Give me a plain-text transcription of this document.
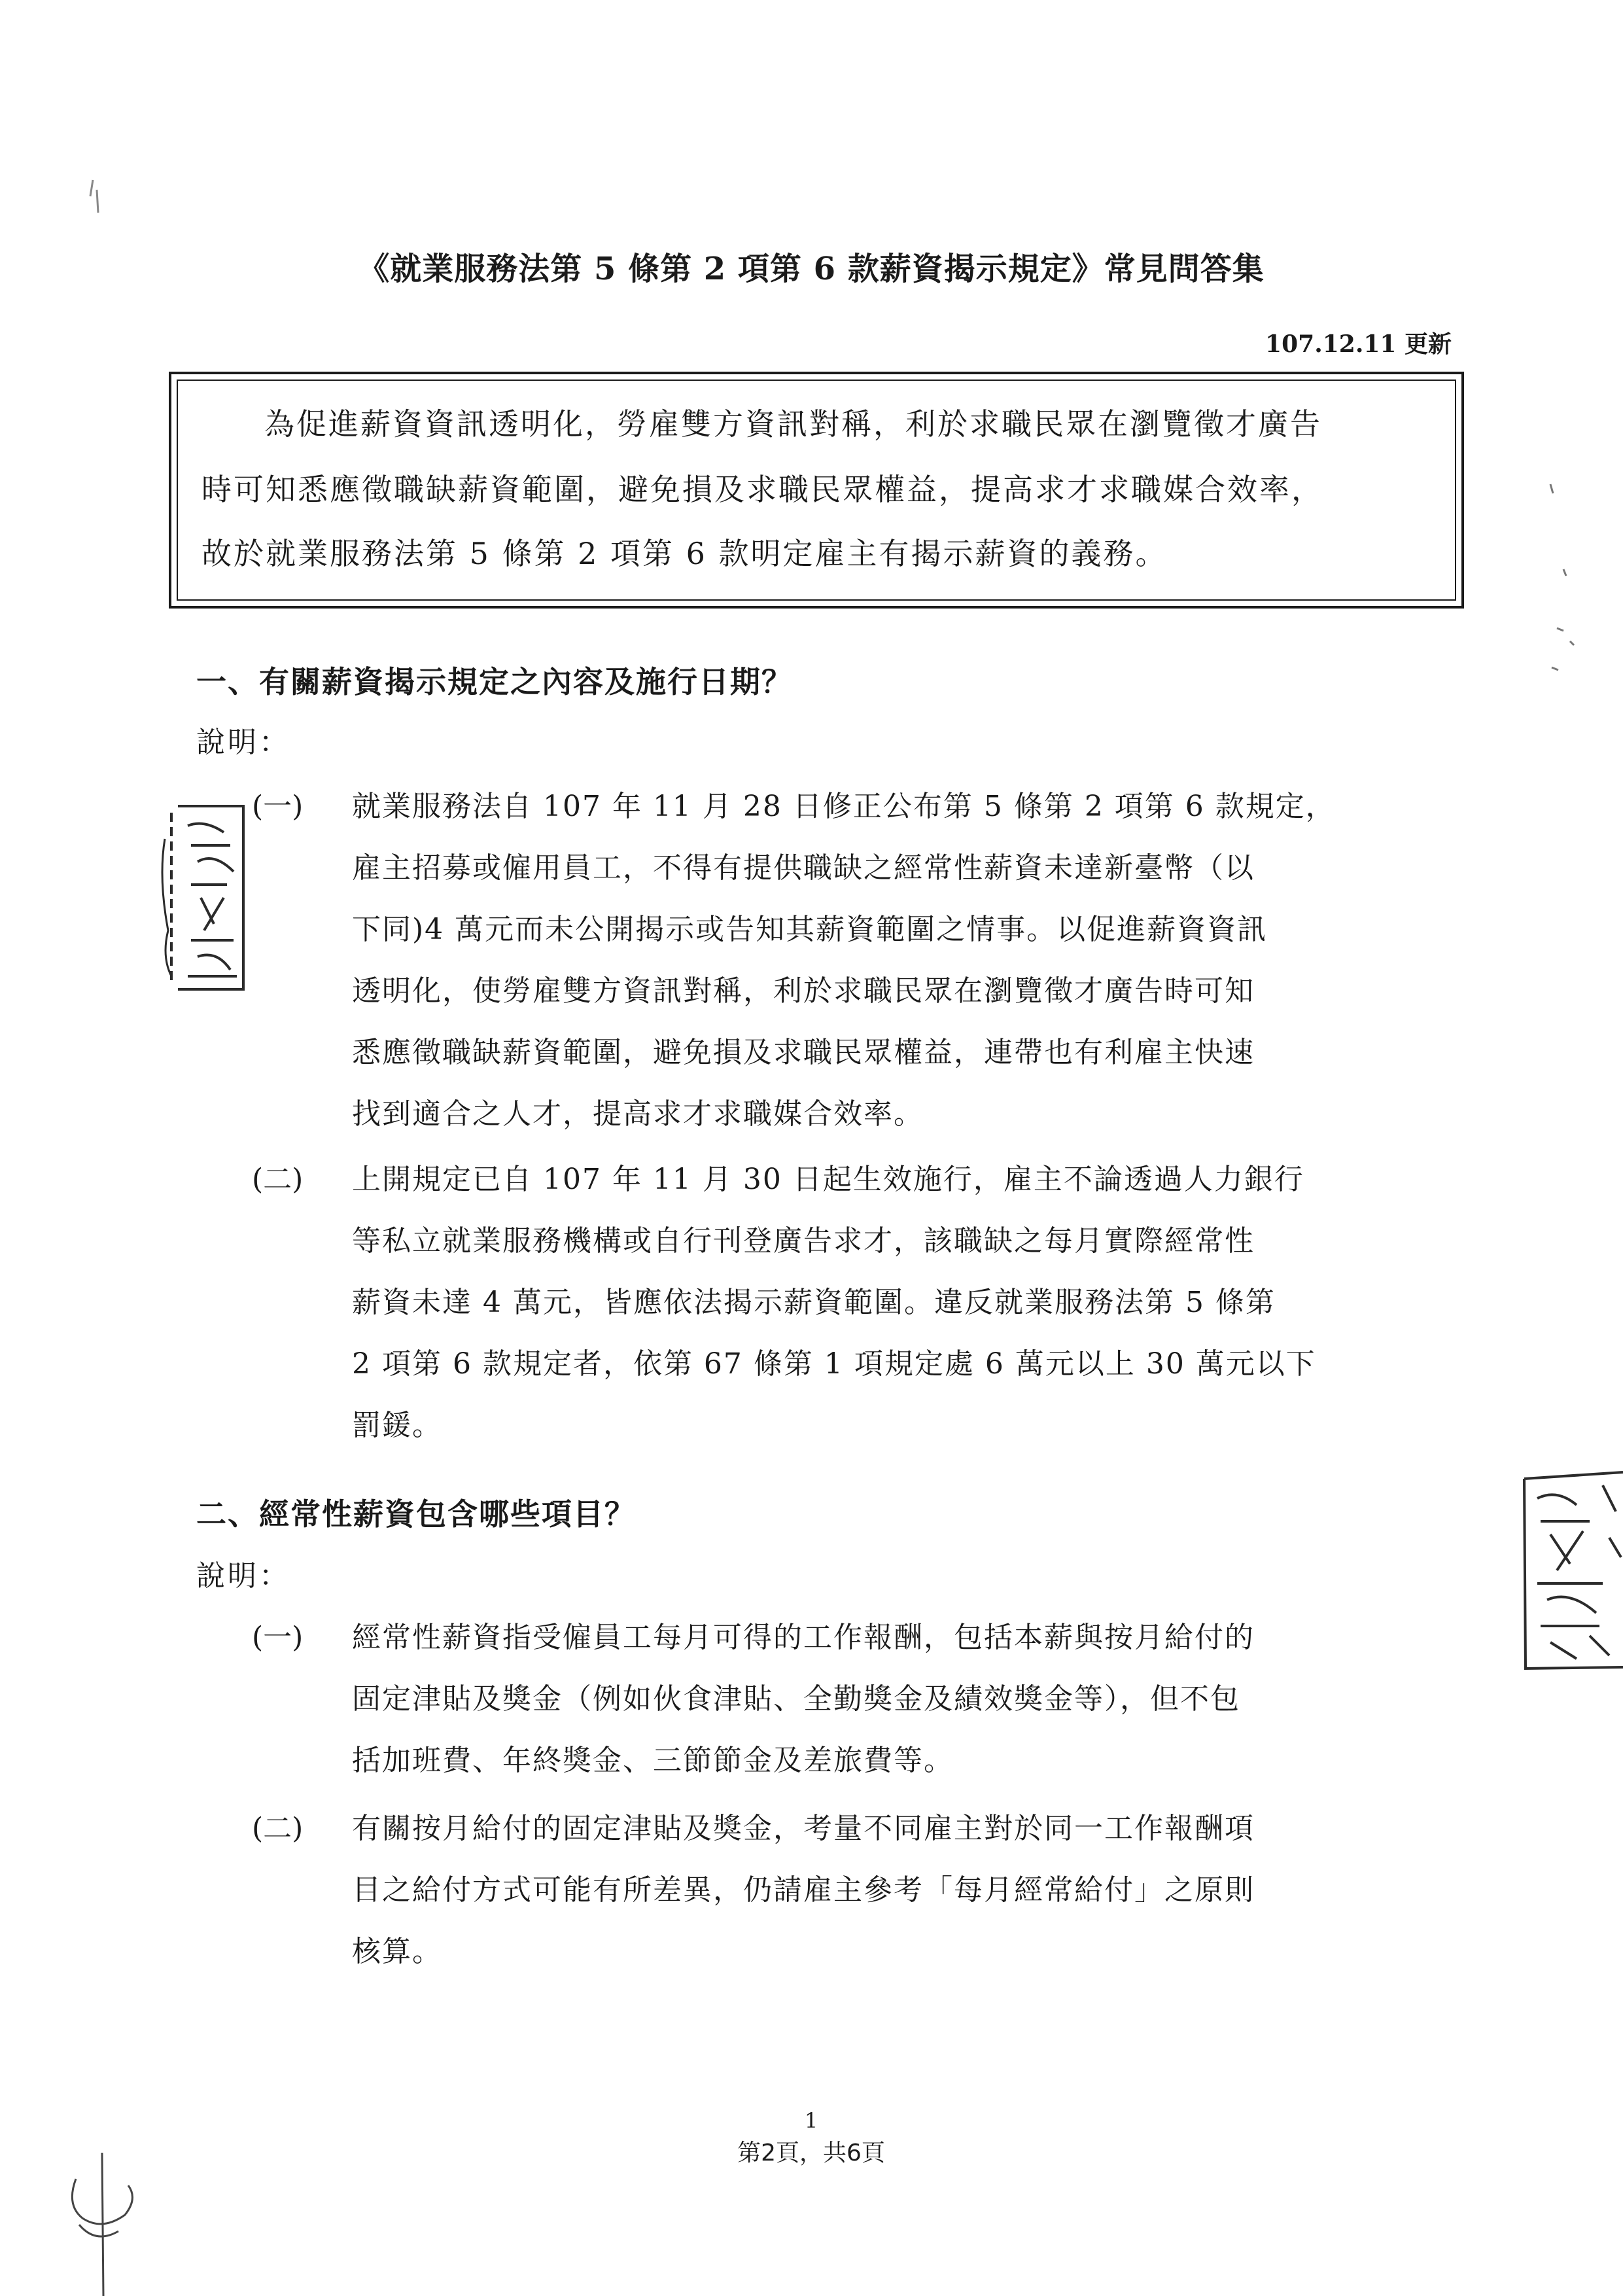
《就業服務法第 5 條第 2 項第 6 款薪資揭示規定》常見問答集
107.12.11 更新
為促進薪資資訊透明化，勞雇雙方資訊對稱，利於求職民眾在瀏覽徵才廣告
時可知悉應徵職缺薪資範圍，避免損及求職民眾權益，提高求才求職媒合效率，
故於就業服務法第 5 條第 2 項第 6 款明定雇主有揭示薪資的義務。
一、有關薪資揭示規定之內容及施行日期？
說明：
(一) 就業服務法自 107 年 11 月 28 日修正公布第 5 條第 2 項第 6 款規定，
雇主招募或僱用員工，不得有提供職缺之經常性薪資未達新臺幣（以
下同)4 萬元而未公開揭示或告知其薪資範圍之情事。以促進薪資資訊
透明化，使勞雇雙方資訊對稱，利於求職民眾在瀏覽徵才廣告時可知
悉應徵職缺薪資範圍，避免損及求職民眾權益，連帶也有利雇主快速
找到適合之人才，提高求才求職媒合效率。
(二) 上開規定已自 107 年 11 月 30 日起生效施行，雇主不論透過人力銀行
等私立就業服務機構或自行刊登廣告求才，該職缺之每月實際經常性
薪資未達 4 萬元，皆應依法揭示薪資範圍。違反就業服務法第 5 條第
2 項第 6 款規定者，依第 67 條第 1 項規定處 6 萬元以上 30 萬元以下
罰鍰。
二、經常性薪資包含哪些項目？
說明：
(一) 經常性薪資指受僱員工每月可得的工作報酬，包括本薪與按月給付的
固定津貼及獎金（例如伙食津貼、全勤獎金及績效獎金等），但不包
括加班費、年終獎金、三節節金及差旅費等。
(二) 有關按月給付的固定津貼及獎金，考量不同雇主對於同一工作報酬項
目之給付方式可能有所差異，仍請雇主參考「每月經常給付」之原則
核算。
1
第2頁，共6頁
